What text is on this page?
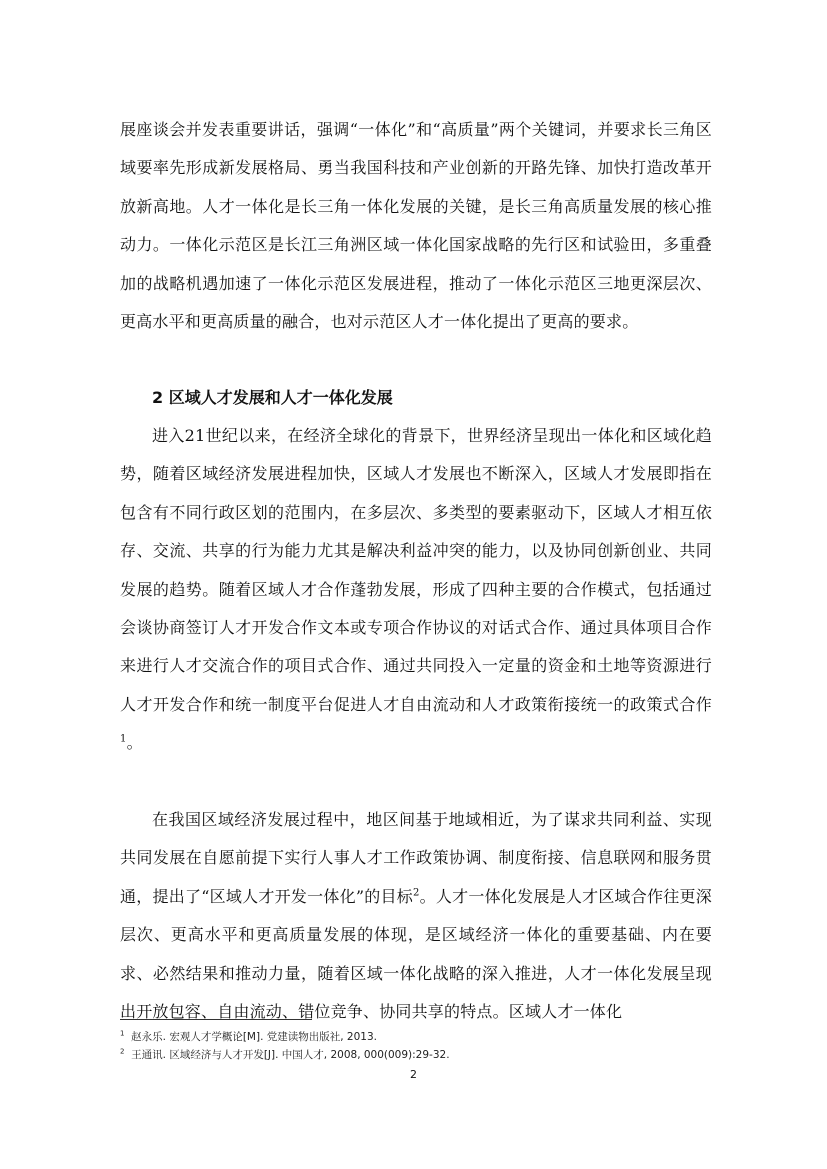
展座谈会并发表重要讲话，强调“一体化”和“高质量”两个关键词，并要求长三角区域要率先形成新发展格局、勇当我国科技和产业创新的开路先锋、加快打造改革开放新高地。人才一体化是长三角一体化发展的关键，是长三角高质量发展的核心推动力。一体化示范区是长江三角洲区域一体化国家战略的先行区和试验田，多重叠加的战略机遇加速了一体化示范区发展进程，推动了一体化示范区三地更深层次、更高水平和更高质量的融合，也对示范区人才一体化提出了更高的要求。

2 区域人才发展和人才一体化发展

进入21世纪以来，在经济全球化的背景下，世界经济呈现出一体化和区域化趋势，随着区域经济发展进程加快，区域人才发展也不断深入，区域人才发展即指在包含有不同行政区划的范围内，在多层次、多类型的要素驱动下，区域人才相互依存、交流、共享的行为能力尤其是解决利益冲突的能力，以及协同创新创业、共同发展的趋势。随着区域人才合作蓬勃发展，形成了四种主要的合作模式，包括通过会谈协商签订人才开发合作文本或专项合作协议的对话式合作、通过具体项目合作来进行人才交流合作的项目式合作、通过共同投入一定量的资金和土地等资源进行人才开发合作和统一制度平台促进人才自由流动和人才政策衔接统一的政策式合作$^1$。

在我国区域经济发展过程中，地区间基于地域相近，为了谋求共同利益、实现共同发展在自愿前提下实行人事人才工作政策协调、制度衔接、信息联网和服务贯通，提出了“区域人才开发一体化”的目标$^2$。人才一体化发展是人才区域合作往更深层次、更高水平和更高质量发展的体现，是区域经济一体化的重要基础、内在要求、必然结果和推动力量，随着区域一体化战略的深入推进，人才一体化发展呈现出开放包容、自由流动、错位竞争、协同共享的特点。区域人才一体化

$^1$ 赵永乐. 宏观人才学概论[M]. 党建读物出版社, 2013.

$^2$ 王通讯. 区域经济与人才开发[J]. 中国人才, 2008, 000(009):29-32.

2
